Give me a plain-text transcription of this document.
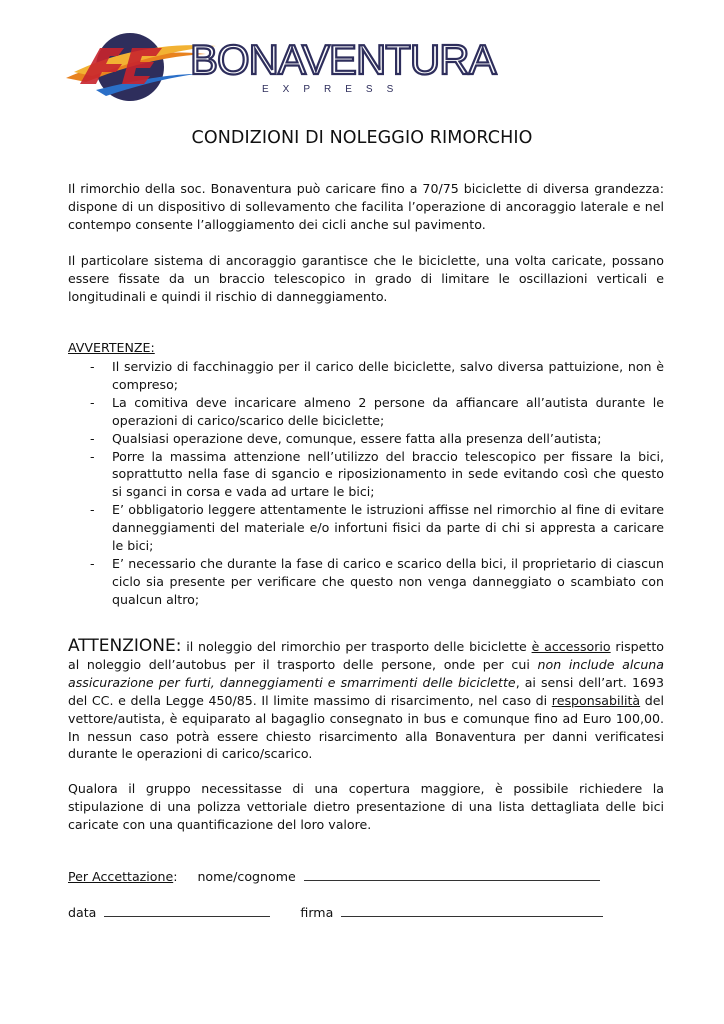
BONAVENTURA
EXPRESS
CONDIZIONI DI NOLEGGIO RIMORCHIO

Il rimorchio della soc. Bonaventura può caricare fino a 70/75 biciclette di diversa grandezza: dispone di un dispositivo di sollevamento che facilita l’operazione di ancoraggio laterale e nel contempo consente l’alloggiamento dei cicli anche sul pavimento.

Il particolare sistema di ancoraggio garantisce che le biciclette, una volta caricate, possano essere fissate da un braccio telescopico in grado di limitare le oscillazioni verticali e longitudinali e quindi il rischio di danneggiamento.

AVVERTENZE:
- Il servizio di facchinaggio per il carico delle biciclette, salvo diversa pattuizione, non è compreso;
- La comitiva deve incaricare almeno 2 persone da affiancare all’autista durante le operazioni di carico/scarico delle biciclette;
- Qualsiasi operazione deve, comunque, essere fatta alla presenza dell’autista;
- Porre la massima attenzione nell’utilizzo del braccio telescopico per fissare la bici, soprattutto nella fase di sgancio e riposizionamento in sede evitando così che questo si sganci in corsa e vada ad urtare le bici;
- E’ obbligatorio leggere attentamente le istruzioni affisse nel rimorchio al fine di evitare danneggiamenti del materiale e/o infortuni fisici da parte di chi si appresta a caricare le bici;
- E’ necessario che durante la fase di carico e scarico della bici, il proprietario di ciascun ciclo sia presente per verificare che questo non venga danneggiato o scambiato con qualcun altro;

ATTENZIONE: il noleggio del rimorchio per trasporto delle biciclette è accessorio rispetto al noleggio dell’autobus per il trasporto delle persone, onde per cui non include alcuna assicurazione per furti, danneggiamenti e smarrimenti delle biciclette, ai sensi dell’art. 1693 del CC. e della Legge 450/85. Il limite massimo di risarcimento, nel caso di responsabilità del vettore/autista, è equiparato al bagaglio consegnato in bus e comunque fino ad Euro 100,00. In nessun caso potrà essere chiesto risarcimento alla Bonaventura per danni verificatesi durante le operazioni di carico/scarico.

Qualora il gruppo necessitasse di una copertura maggiore, è possibile richiedere la stipulazione di una polizza vettoriale dietro presentazione di una lista dettagliata delle bici caricate con una quantificazione del loro valore.

Per Accettazione: nome/cognome
data	firma
